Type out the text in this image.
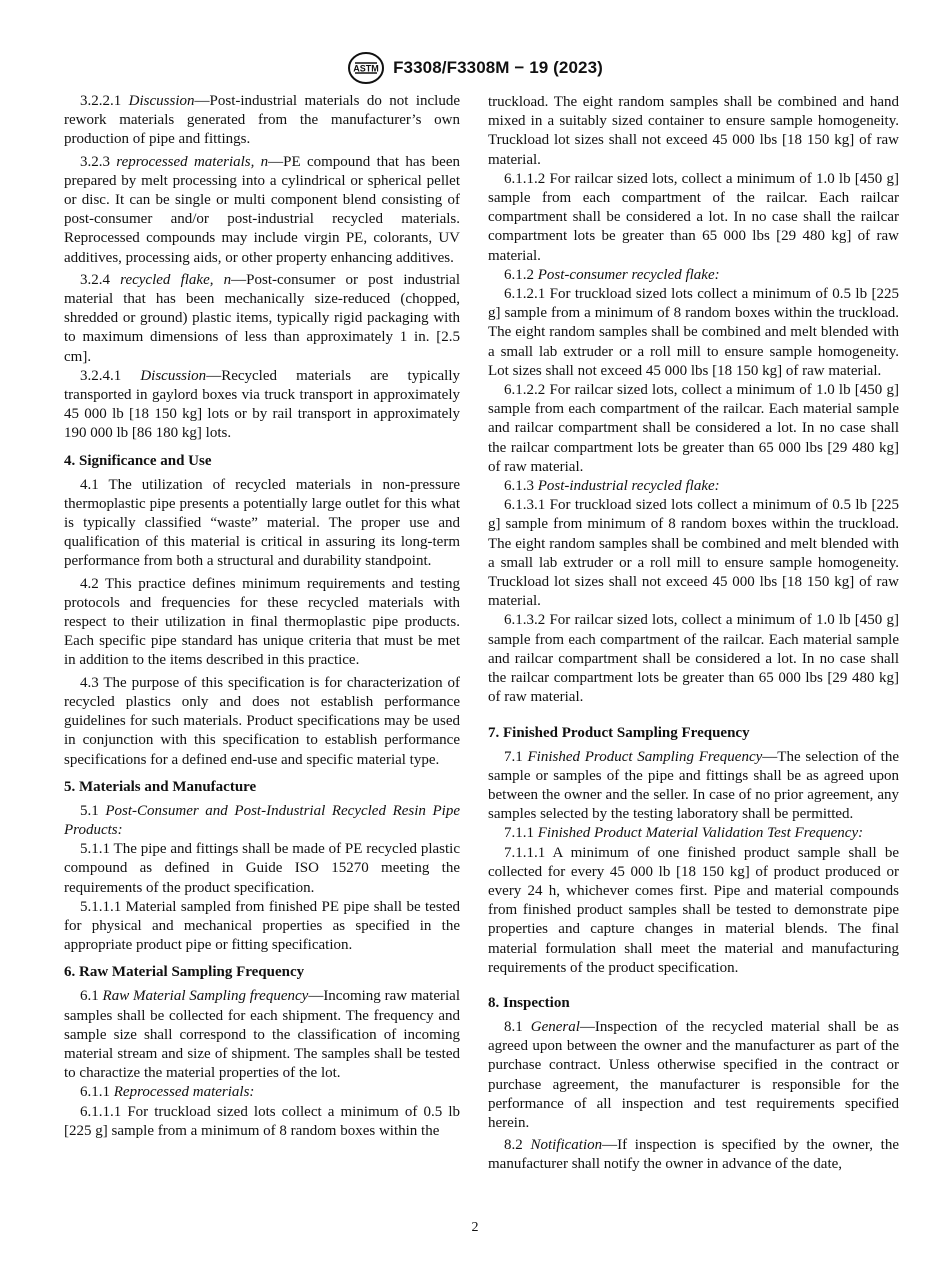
ASTM F3308/F3308M − 19 (2023)

3.2.2.1 Discussion—Post-industrial materials do not include rework materials generated from the manufacturer’s own production of pipe and fittings.

3.2.3 reprocessed materials, n—PE compound that has been prepared by melt processing into a cylindrical or spherical pellet or disc. It can be single or multi component blend consisting of post-consumer and/or post-industrial recycled materials. Reprocessed compounds may include virgin PE, colorants, UV additives, processing aids, or other property enhancing additives.

3.2.4 recycled flake, n—Post-consumer or post industrial material that has been mechanically size-reduced (chopped, shredded or ground) plastic items, typically rigid packaging with to maximum dimensions of less than approximately 1 in. [2.5 cm].

3.2.4.1 Discussion—Recycled materials are typically transported in gaylord boxes via truck transport in approximately 45 000 lb [18 150 kg] lots or by rail transport in approximately 190 000 lb [86 180 kg] lots.

4. Significance and Use

4.1 The utilization of recycled materials in non-pressure thermoplastic pipe presents a potentially large outlet for this what is typically classified “waste” material. The proper use and qualification of this material is critical in assuring its long-term performance from both a structural and durability standpoint.

4.2 This practice defines minimum requirements and testing protocols and frequencies for these recycled materials with respect to their utilization in final thermoplastic pipe products. Each specific pipe standard has unique criteria that must be met in addition to the items described in this practice.

4.3 The purpose of this specification is for characterization of recycled plastics only and does not establish performance guidelines for such materials. Product specifications may be used in conjunction with this specification to establish performance specifications for a defined end-use and specific material type.

5. Materials and Manufacture

5.1 Post-Consumer and Post-Industrial Recycled Resin Pipe Products:

5.1.1 The pipe and fittings shall be made of PE recycled plastic compound as defined in Guide ISO 15270 meeting the requirements of the product specification.

5.1.1.1 Material sampled from finished PE pipe shall be tested for physical and mechanical properties as specified in the appropriate product pipe or fitting specification.

6. Raw Material Sampling Frequency

6.1 Raw Material Sampling frequency—Incoming raw material samples shall be collected for each shipment. The frequency and sample size shall correspond to the classification of incoming material stream and size of shipment. The samples shall be tested to charactize the material properties of the lot.

6.1.1 Reprocessed materials:

6.1.1.1 For truckload sized lots collect a minimum of 0.5 lb [225 g] sample from a minimum of 8 random boxes within the

truckload. The eight random samples shall be combined and hand mixed in a suitably sized container to ensure sample homogeneity. Truckload lot sizes shall not exceed 45 000 lbs [18 150 kg] of raw material.

6.1.1.2 For railcar sized lots, collect a minimum of 1.0 lb [450 g] sample from each compartment of the railcar. Each railcar compartment shall be considered a lot. In no case shall the railcar compartment lots be greater than 65 000 lbs [29 480 kg] of raw material.

6.1.2 Post-consumer recycled flake:

6.1.2.1 For truckload sized lots collect a minimum of 0.5 lb [225 g] sample from a minimum of 8 random boxes within the truckload. The eight random samples shall be combined and melt blended with a small lab extruder or a roll mill to ensure sample homogeneity. Lot sizes shall not exceed 45 000 lbs [18 150 kg] of raw material.

6.1.2.2 For railcar sized lots, collect a minimum of 1.0 lb [450 g] sample from each compartment of the railcar. Each material sample and railcar compartment shall be considered a lot. In no case shall the railcar compartment lots be greater than 65 000 lbs [29 480 kg] of raw material.

6.1.3 Post-industrial recycled flake:

6.1.3.1 For truckload sized lots collect a minimum of 0.5 lb [225 g] sample from minimum of 8 random boxes within the truckload. The eight random samples shall be combined and melt blended with a small lab extruder or a roll mill to ensure sample homogeneity. Truckload lot sizes shall not exceed 45 000 lbs [18 150 kg] of raw material.

6.1.3.2 For railcar sized lots, collect a minimum of 1.0 lb [450 g] sample from each compartment of the railcar. Each material sample and railcar compartment shall be considered a lot. In no case shall the railcar compartment lots be greater than 65 000 lbs [29 480 kg] of raw material.

7. Finished Product Sampling Frequency

7.1 Finished Product Sampling Frequency—The selection of the sample or samples of the pipe and fittings shall be as agreed upon between the owner and the seller. In case of no prior agreement, any samples selected by the testing laboratory shall be permitted.

7.1.1 Finished Product Material Validation Test Frequency:

7.1.1.1 A minimum of one finished product sample shall be collected for every 45 000 lb [18 150 kg] of product produced or every 24 h, whichever comes first. Pipe and material compounds from finished product samples shall be tested to demonstrate pipe properties and capture changes in material blends. The final material formulation shall meet the material and manufacturing requirements of the product specification.

8. Inspection

8.1 General—Inspection of the recycled material shall be as agreed upon between the owner and the manufacturer as part of the purchase contract. Unless otherwise specified in the contract or purchase agreement, the manufacturer is responsible for the performance of all inspection and test requirements specified herein.

8.2 Notification—If inspection is specified by the owner, the manufacturer shall notify the owner in advance of the date,

2
